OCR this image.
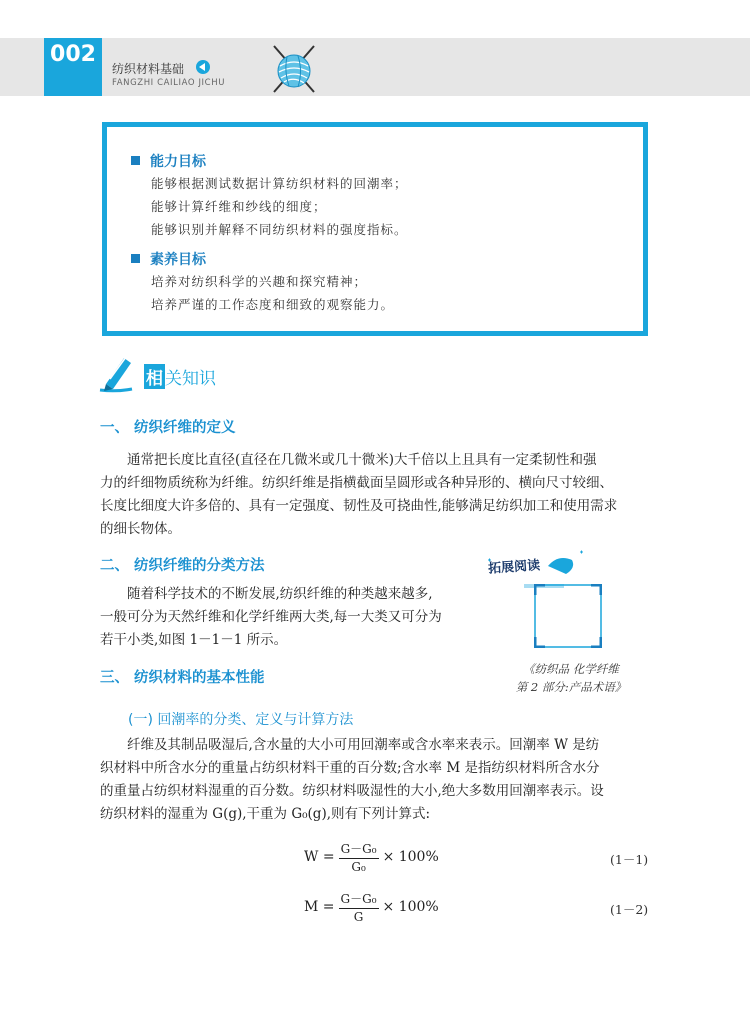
002
纺织材料基础
FANGZHI CAILIAO JICHU
能力目标
能够根据测试数据计算纺织材料的回潮率；
能够计算纤维和纱线的细度；
能够识别并解释不同纺织材料的强度指标。
素养目标
培养对纺织科学的兴趣和探究精神；
培养严谨的工作态度和细致的观察能力。
相 关知识
一、 纺织纤维的定义
通常把长度比直径(直径在几微米或几十微米)大千倍以上且具有一定柔韧性和强
力的纤细物质统称为纤维。纺织纤维是指横截面呈圆形或各种异形的、横向尺寸较细、
长度比细度大许多倍的、具有一定强度、韧性及可挠曲性,能够满足纺织加工和使用需求
的细长物体。
二、 纺织纤维的分类方法
随着科学技术的不断发展,纺织纤维的种类越来越多,
一般可分为天然纤维和化学纤维两大类,每一大类又可分为
若干小类,如图 1－1－1 所示。
拓展阅读
《纺织品 化学纤维
第 2 部分:产品术语》
三、 纺织材料的基本性能
(一) 回潮率的分类、定义与计算方法
纤维及其制品吸湿后,含水量的大小可用回潮率或含水率来表示。回潮率 W 是纺
织材料中所含水分的重量占纺织材料干重的百分数;含水率 M 是指纺织材料所含水分
的重量占纺织材料湿重的百分数。纺织材料吸湿性的大小,绝大多数用回潮率表示。设
纺织材料的湿重为 G(g),干重为 G₀(g),则有下列计算式:
$W = \frac{\text{G－G₀}}{\text{G₀}} \times 100\%$	(1－1)
$M = \frac{\text{G－G₀}}{G} \times 100\%$	(1－2)
